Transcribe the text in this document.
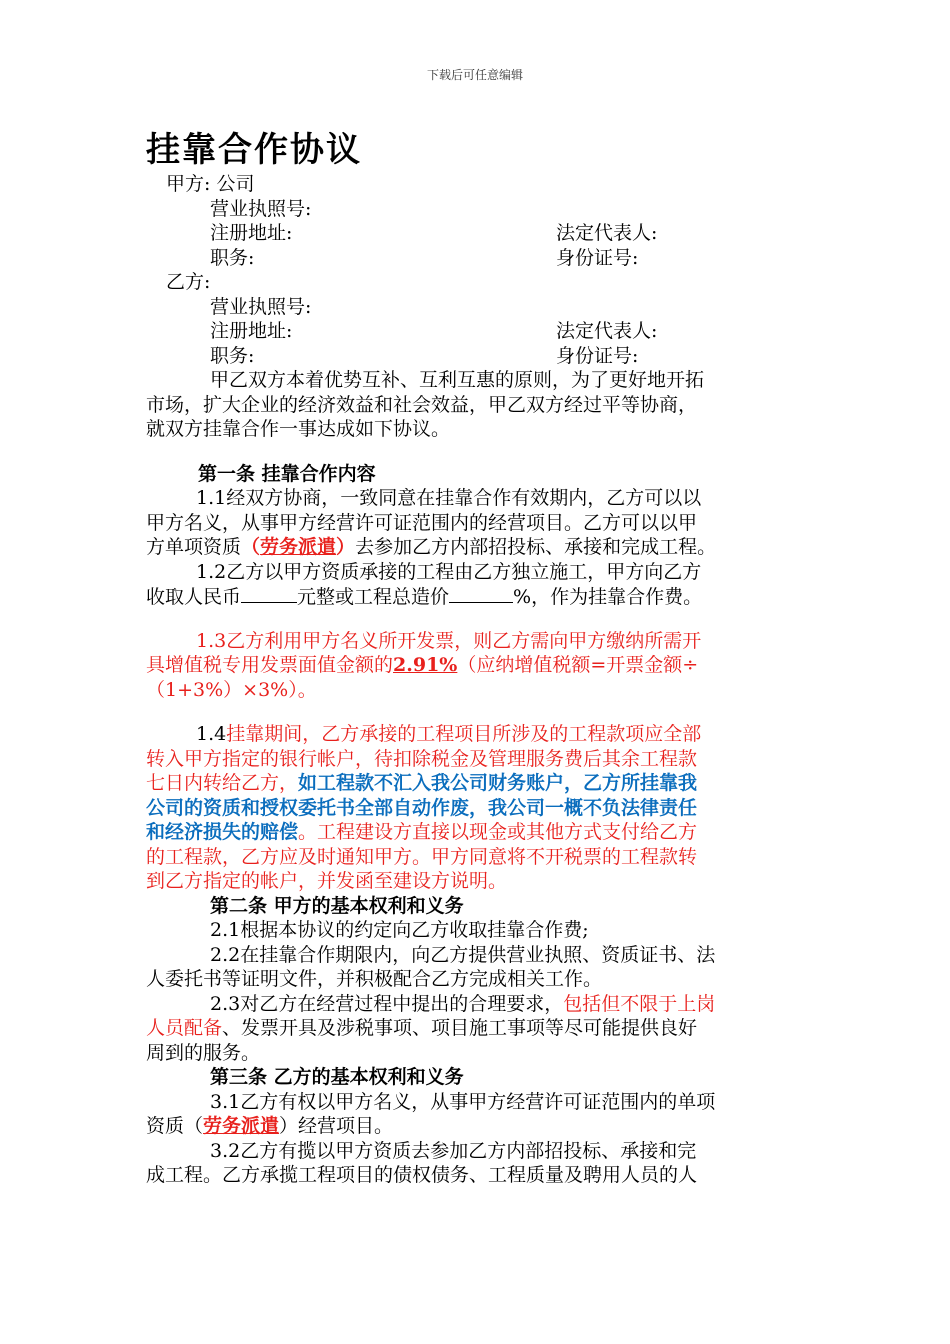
下载后可任意编辑
挂靠合作协议
甲方: 公司
营业执照号:
注册地址:	法定代表人:
职务:	身份证号:
乙方:
营业执照号:
注册地址:	法定代表人:
职务:	身份证号:
甲乙双方本着优势互补、互利互惠的原则，为了更好地开拓
市场，扩大企业的经济效益和社会效益，甲乙双方经过平等协商，
就双方挂靠合作一事达成如下协议。
第一条 挂靠合作内容
1.1经双方协商，一致同意在挂靠合作有效期内，乙方可以以
甲方名义，从事甲方经营许可证范围内的经营项目。乙方可以以甲
方单项资质（劳务派遣）去参加乙方内部招投标、承接和完成工程。
1.2乙方以甲方资质承接的工程由乙方独立施工，甲方向乙方
收取人民币	元整或工程总造价	%，作为挂靠合作费。
1.3乙方利用甲方名义所开发票，则乙方需向甲方缴纳所需开
具增值税专用发票面值金额的2.91%（应纳增值税额=开票金额÷
（1+3%）×3%）。
1.4挂靠期间，乙方承接的工程项目所涉及的工程款项应全部
转入甲方指定的银行帐户，待扣除税金及管理服务费后其余工程款
七日内转给乙方，如工程款不汇入我公司财务账户，乙方所挂靠我
公司的资质和授权委托书全部自动作废，我公司一概不负法律责任
和经济损失的赔偿。工程建设方直接以现金或其他方式支付给乙方
的工程款，乙方应及时通知甲方。甲方同意将不开税票的工程款转
到乙方指定的帐户，并发函至建设方说明。
第二条 甲方的基本权利和义务
2.1根据本协议的约定向乙方收取挂靠合作费;
2.2在挂靠合作期限内，向乙方提供营业执照、资质证书、法
人委托书等证明文件，并积极配合乙方完成相关工作。
2.3对乙方在经营过程中提出的合理要求，包括但不限于上岗
人员配备、发票开具及涉税事项、项目施工事项等尽可能提供良好
周到的服务。
第三条 乙方的基本权利和义务
3.1乙方有权以甲方名义，从事甲方经营许可证范围内的单项
资质（劳务派遣）经营项目。
3.2乙方有揽以甲方资质去参加乙方内部招投标、承接和完
成工程。乙方承揽工程项目的债权债务、工程质量及聘用人员的人
